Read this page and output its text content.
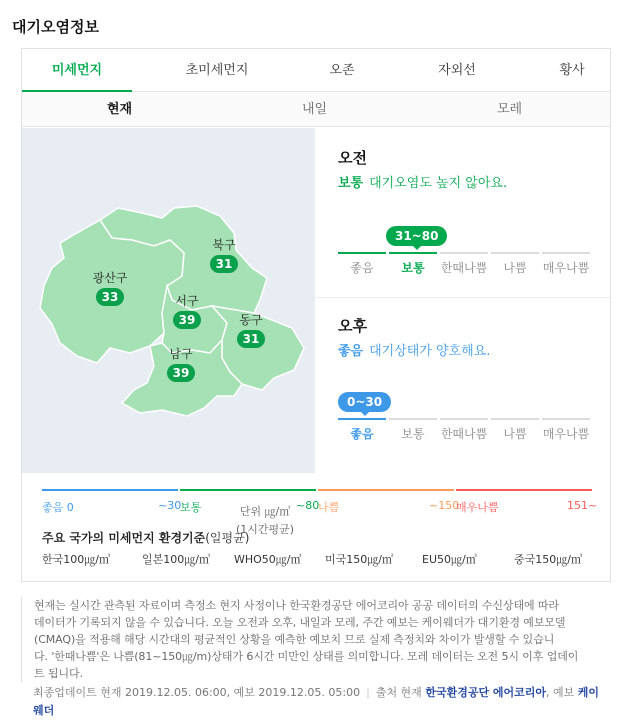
대기오염정보
미세먼지	초미세먼지	오존	자외선	황사
현재	내일	모레
북구
31
광산구
33	서구
39	동구
31
남구
39
단위 ㎍/㎥
(1시간평균)
오전
보통 대기오염도 높지 않아요.
31~80
좋음	보통	한때나쁨	나쁨	매우나쁨
오후
좋음 대기상태가 양호해요.
0~30
좋음	보통	한때나쁨	나쁨	매우나쁨
좋음 0	~30
보통	~80
나쁨	~150
매우나쁨	151~
주요 국가의 미세먼지 환경기준(일평균)
한국100㎍/㎥	일본100㎍/㎥ WHO50㎍/㎥ 미국150㎍/㎥	EU50㎍/㎥	중국150㎍/㎥

현재는 실시간 관측된 자료이며 측정소 현지 사정이나 한국환경공단 에어코리아 공공 데이터의 수신상태에 따라

데이터가 기록되지 않을 수 있습니다. 오늘 오전과 오후, 내일과 모레, 주간 예보는 케이웨더가 대기환경 예보모델

(CMAQ)을 적용해 해당 시간대의 평균적인 상황을 예측한 예보치 므로 실제 측정치와 차이가 발생할 수 있습니

다. '한때나쁨'은 나쁨(81~150㎍/m)상태가 6시간 미만인 상태를 의미합니다. 모레 데이터는 오전 5시 이후 업데이

트 됩니다.

최종업데이트 현재 2019.12.05. 06:00, 예보 2019.12.05. 05:00 | 출처 현재 한국환경공단 에어코리아, 예보 케이웨더
